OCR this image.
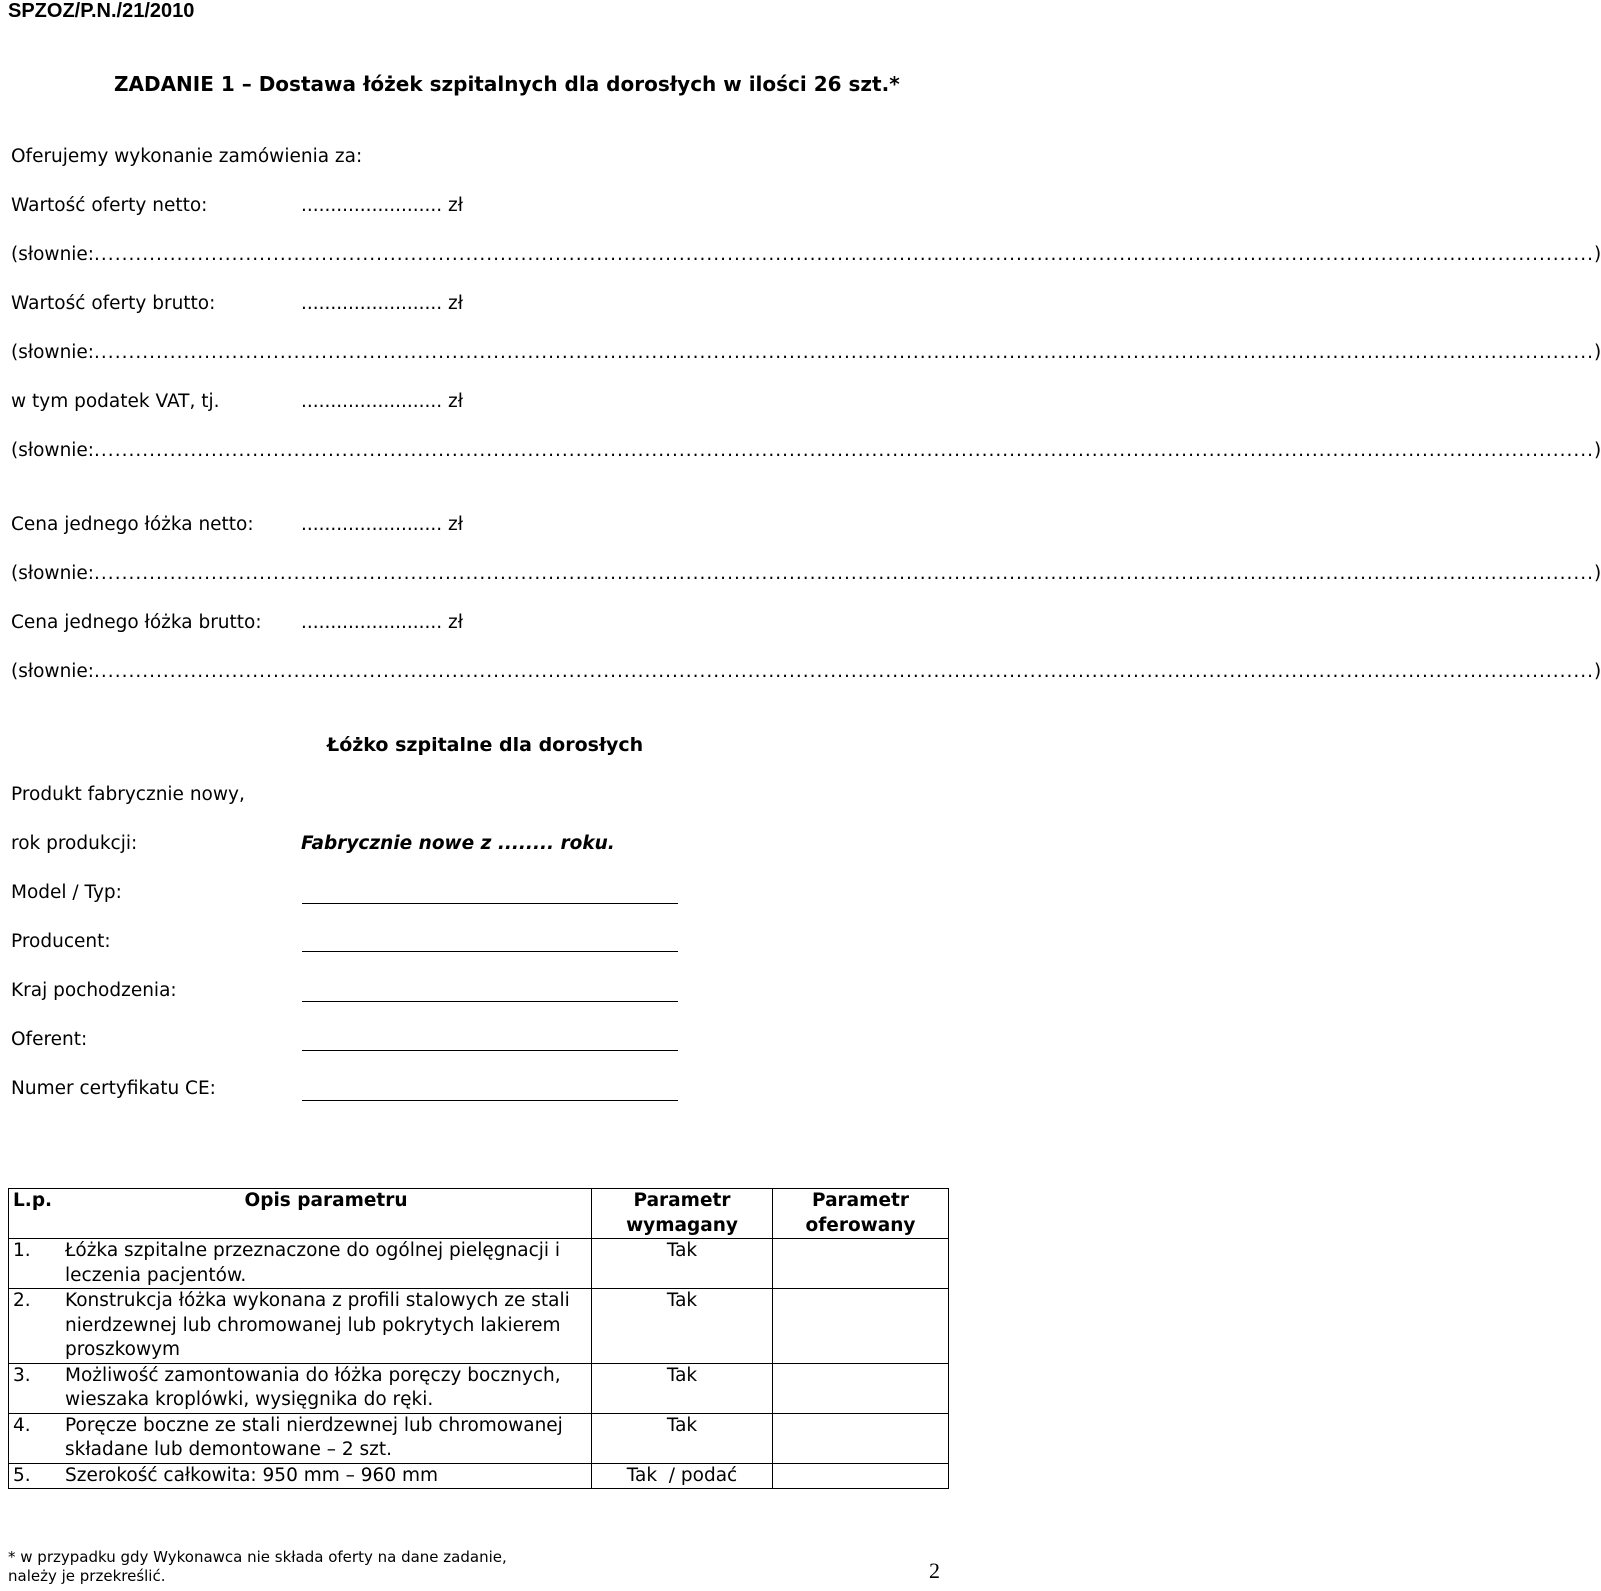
SPZOZ/P.N./21/2010
ZADANIE 1 – Dostawa łóżek szpitalnych dla dorosłych w ilości 26 szt.*
Oferujemy wykonanie zamówienia za:
Wartość oferty netto:	........................ zł
(słownie: .......................................................................................................................................................................................................................... )
Wartość oferty brutto:	........................ zł
(słownie: .......................................................................................................................................................................................................................... )
w tym podatek VAT, tj.	........................ zł
(słownie: .......................................................................................................................................................................................................................... )
Cena jednego łóżka netto:	........................ zł
(słownie: .......................................................................................................................................................................................................................... )
Cena jednego łóżka brutto: ........................ zł
(słownie: .......................................................................................................................................................................................................................... )
Łóżko szpitalne dla dorosłych
Produkt fabrycznie nowy,
rok produkcji:	Fabrycznie nowe z ........ roku.
Model / Typ:
Producent:
Kraj pochodzenia:
Oferent:
Numer certyfikatu CE:
L.p.	Opis parametru	Parametr wymagany	Parametr oferowany
1.	Łóżka szpitalne przeznaczone do ogólnej pielęgnacji i leczenia pacjentów.	Tak	
2.	Konstrukcja łóżka wykonana z profili stalowych ze stali nierdzewnej lub chromowanej lub pokrytych lakierem proszkowym	Tak	
3.	Możliwość zamontowania do łóżka poręczy bocznych, wieszaka kroplówki, wysięgnika do ręki.	Tak	
4.	Poręcze boczne ze stali nierdzewnej lub chromowanej składane lub demontowane – 2 szt.	Tak	
5.	Szerokość całkowita: 950 mm – 960 mm	Tak  / podać	
* w przypadku gdy Wykonawca nie składa oferty na dane zadanie, należy je przekreślić.	2
